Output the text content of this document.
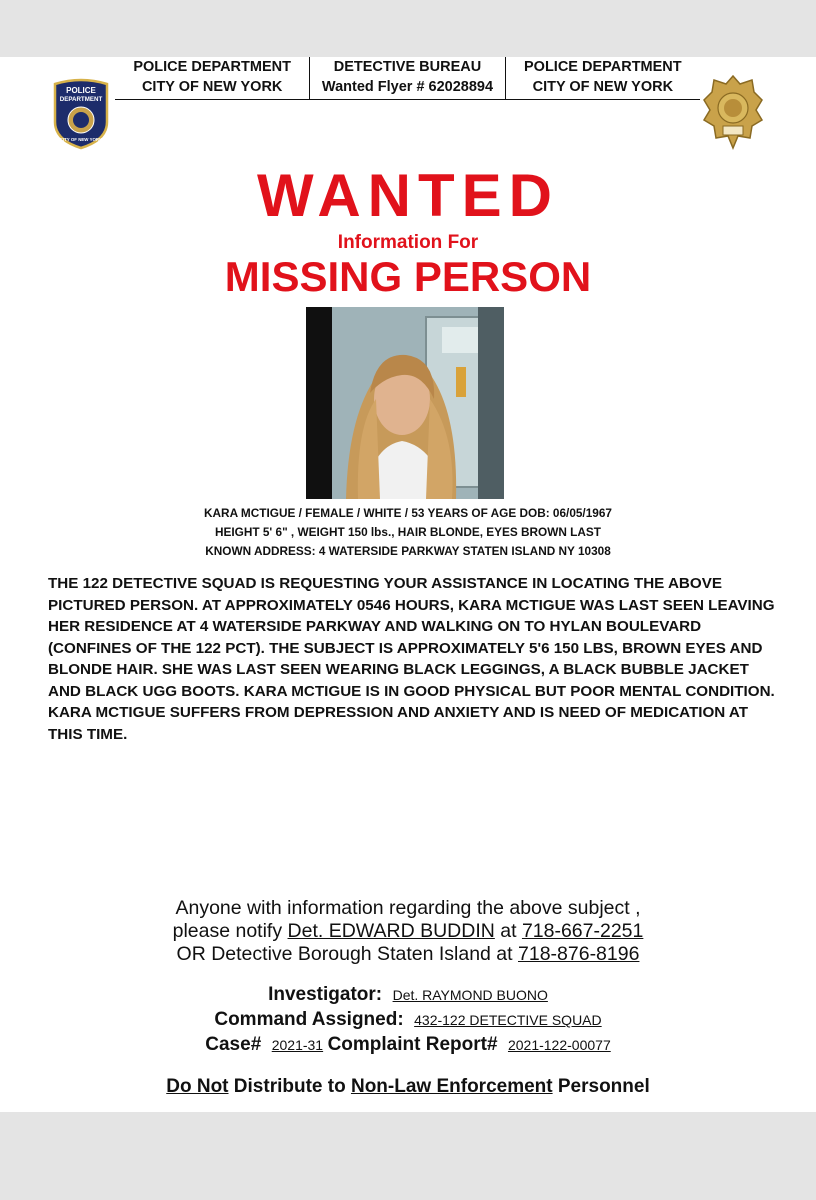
POLICE
DEPARTMENT
CITY OF NEW YORK
POLICE DEPARTMENT
CITY OF NEW YORK
DETECTIVE BUREAU
Wanted Flyer # 62028894
POLICE DEPARTMENT
CITY OF NEW YORK
WANTED
Information For
MISSING PERSON
KARA MCTIGUE / FEMALE / WHITE / 53 YEARS OF AGE DOB: 06/05/1967
HEIGHT 5' 6" , WEIGHT 150 lbs., HAIR BLONDE, EYES BROWN LAST
KNOWN ADDRESS: 4 WATERSIDE PARKWAY STATEN ISLAND NY 10308
THE 122 DETECTIVE SQUAD IS REQUESTING YOUR ASSISTANCE IN LOCATING THE ABOVE PICTURED PERSON. AT APPROXIMATELY 0546 HOURS, KARA MCTIGUE WAS LAST SEEN LEAVING HER RESIDENCE AT 4 WATERSIDE PARKWAY AND WALKING ON TO HYLAN BOULEVARD (CONFINES OF THE 122 PCT). THE SUBJECT IS APPROXIMATELY 5'6 150 LBS, BROWN EYES AND BLONDE HAIR. SHE WAS LAST SEEN WEARING BLACK LEGGINGS, A BLACK BUBBLE JACKET AND BLACK UGG BOOTS. KARA MCTIGUE IS IN GOOD PHYSICAL BUT POOR MENTAL CONDITION. KARA MCTIGUE SUFFERS FROM DEPRESSION AND ANXIETY AND IS NEED OF MEDICATION AT THIS TIME.
Anyone with information regarding the above subject ,
please notify Det. EDWARD BUDDIN at 718-667-2251
OR Detective Borough Staten Island at 718-876-8196
Investigator: Det. RAYMOND BUONO
Command Assigned: 432-122 DETECTIVE SQUAD
Case# 2021-31 Complaint Report# 2021-122-00077
Do Not Distribute to Non-Law Enforcement Personnel
